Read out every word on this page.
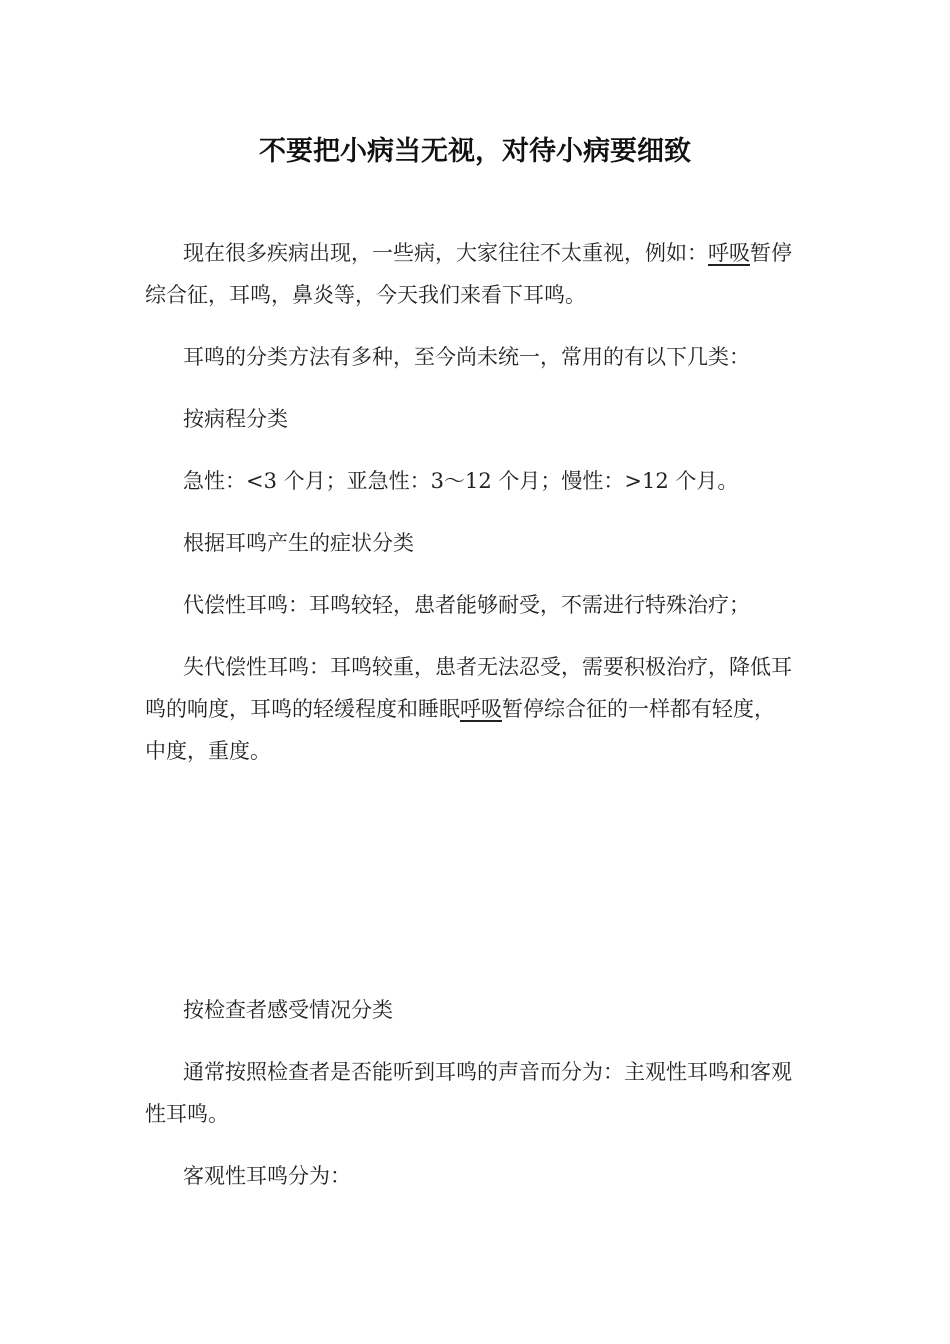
不要把小病当无视，对待小病要细致

现在很多疾病出现，一些病，大家往往不太重视，例如：呼吸暂停综合征，耳鸣，鼻炎等，今天我们来看下耳鸣。

耳鸣的分类方法有多种，至今尚未统一，常用的有以下几类：

按病程分类

急性：<3 个月；亚急性：3～12 个月；慢性：>12 个月。

根据耳鸣产生的症状分类

代偿性耳鸣：耳鸣较轻，患者能够耐受，不需进行特殊治疗；

失代偿性耳鸣：耳鸣较重，患者无法忍受，需要积极治疗，降低耳鸣的响度，耳鸣的轻缓程度和睡眠呼吸暂停综合征的一样都有轻度，中度，重度。

按检查者感受情况分类

通常按照检查者是否能听到耳鸣的声音而分为：主观性耳鸣和客观性耳鸣。

客观性耳鸣分为：
